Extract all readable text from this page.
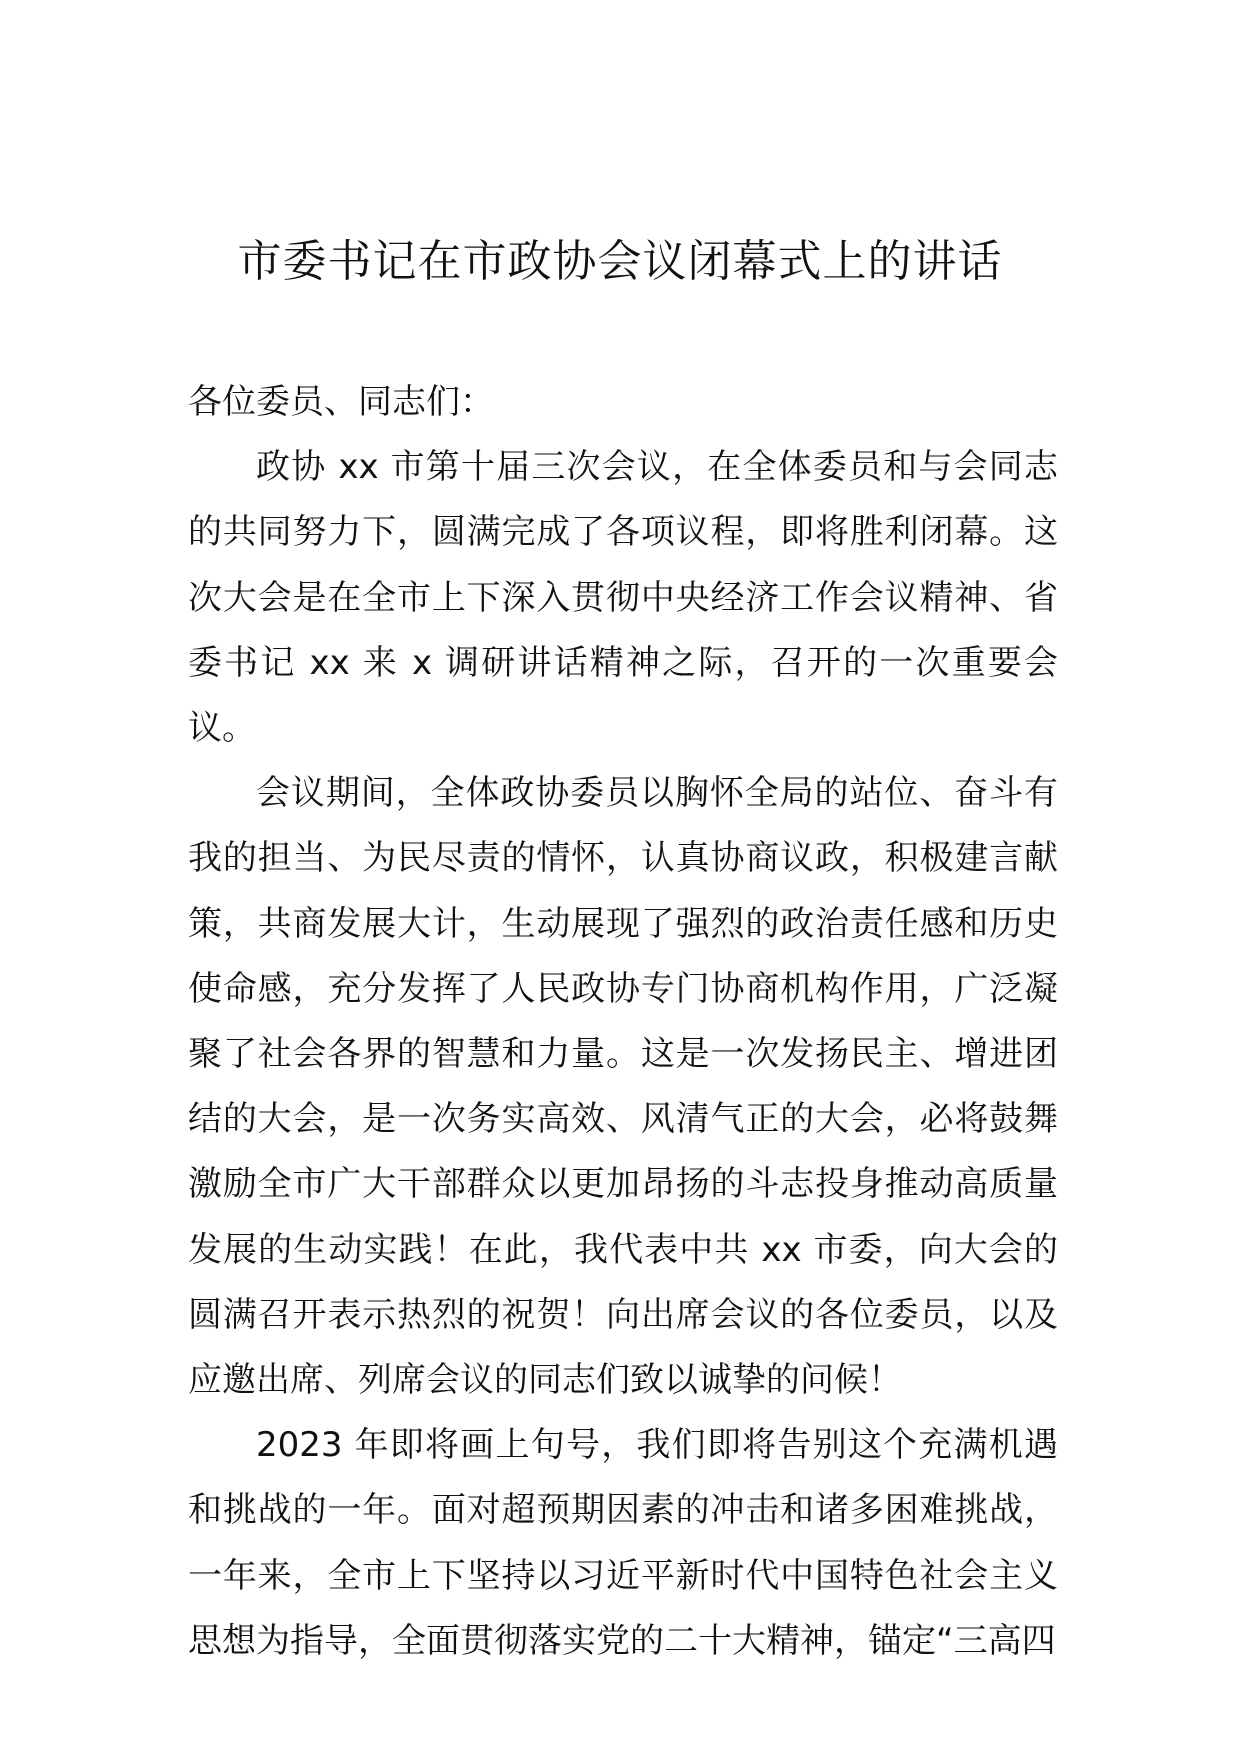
市委书记在市政协会议闭幕式上的讲话

各位委员、同志们：

政协 xx 市第十届三次会议，在全体委员和与会同志的共同努力下，圆满完成了各项议程，即将胜利闭幕。这次大会是在全市上下深入贯彻中央经济工作会议精神、省委书记 xx 来 x 调研讲话精神之际，召开的一次重要会议。

会议期间，全体政协委员以胸怀全局的站位、奋斗有我的担当、为民尽责的情怀，认真协商议政，积极建言献策，共商发展大计，生动展现了强烈的政治责任感和历史使命感，充分发挥了人民政协专门协商机构作用，广泛凝聚了社会各界的智慧和力量。这是一次发扬民主、增进团结的大会，是一次务实高效、风清气正的大会，必将鼓舞激励全市广大干部群众以更加昂扬的斗志投身推动高质量发展的生动实践！在此，我代表中共 xx 市委，向大会的圆满召开表示热烈的祝贺！向出席会议的各位委员，以及应邀出席、列席会议的同志们致以诚挚的问候！

2023 年即将画上句号，我们即将告别这个充满机遇和挑战的一年。面对超预期因素的冲击和诸多困难挑战，一年来，全市上下坚持以习近平新时代中国特色社会主义思想为指导，全面贯彻落实党的二十大精神，锚定“三高四
